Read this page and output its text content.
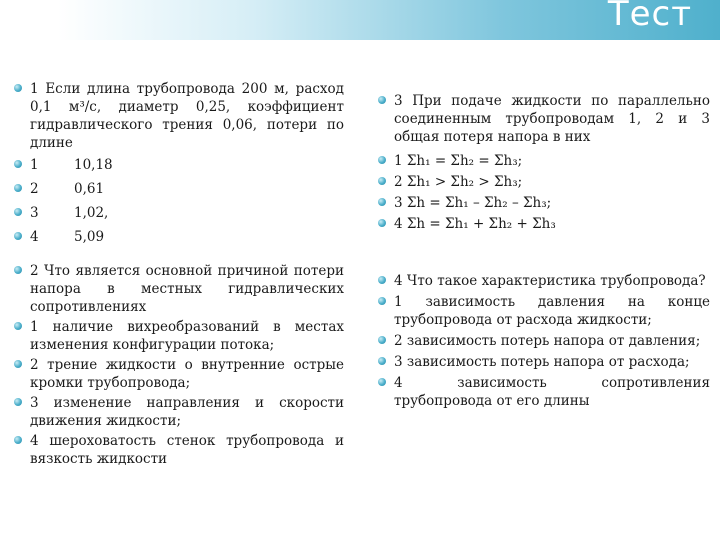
Тест
1 Если длина трубопровода 200 м, расход 0,1 м³/с, диаметр 0,25, коэффициент гидравлического трения 0,06, потери по длине
1	10,18
2	0,61
3	1,02,
4	5,09
2 Что является основной причиной потери напора в местных гидравлических сопротивлениях
1 наличие вихреобразований в местах изменения конфигурации потока;
2 трение жидкости о внутренние острые кромки трубопровода;
3 изменение направления и скорости движения жидкости;
4 шероховатость стенок трубопровода и вязкость жидкости
3 При подаче жидкости по параллельно соединенным трубопроводам 1, 2 и 3 общая потеря напора в них
1 Σh₁ = Σh₂ = Σh₃;
2 Σh₁ > Σh₂ > Σh₃;
3 Σh = Σh₁ – Σh₂ – Σh₃;
4 Σh = Σh₁ + Σh₂ + Σh₃
4 Что такое характеристика трубопровода?
1 зависимость давления на конце трубопровода от расхода жидкости;
2 зависимость потерь напора от давления;
3 зависимость потерь напора от расхода;
4 зависимость сопротивления трубопровода от его длины
